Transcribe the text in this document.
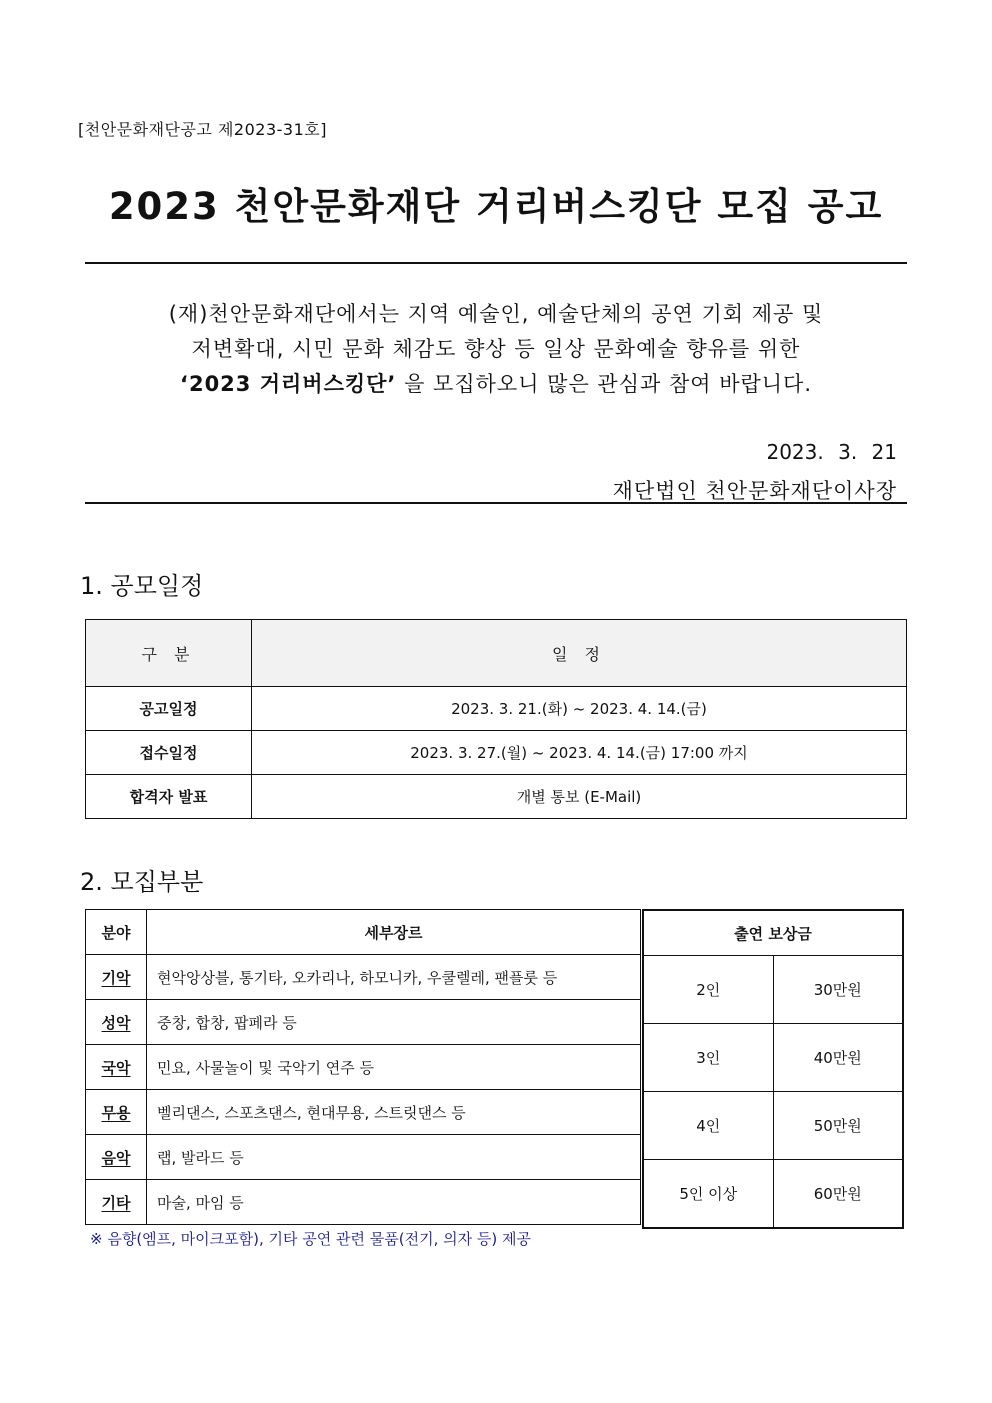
[천안문화재단공고 제2023-31호]
2023 천안문화재단 거리버스킹단 모집 공고
(재)천안문화재단에서는 지역 예술인, 예술단체의 공연 기회 제공 및
저변확대, 시민 문화 체감도 향상 등 일상 문화예술 향유를 위한
‘2023 거리버스킹단’ 을 모집하오니 많은 관심과 참여 바랍니다.
2023. 3. 21
재단법인 천안문화재단이사장
1. 공모일정
구 분	일 정
공고일정	2023. 3. 21.(화) ~ 2023. 4. 14.(금)
접수일정	2023. 3. 27.(월) ~ 2023. 4. 14.(금) 17:00 까지
합격자 발표	개별 통보 (E-Mail)
2. 모집부분
분야	세부장르
기악	현악앙상블, 통기타, 오카리나, 하모니카, 우쿨렐레, 팬플룻 등
성악	중창, 합창, 팝페라 등
국악	민요, 사물놀이 및 국악기 연주 등
무용	벨리댄스, 스포츠댄스, 현대무용, 스트릿댄스 등
음악	랩, 발라드 등
기타	마술, 마임 등
출연 보상금	
2인	30만원
3인	40만원
4인	50만원
5인 이상	60만원
※ 음향(엠프, 마이크포함), 기타 공연 관련 물품(전기, 의자 등) 제공
